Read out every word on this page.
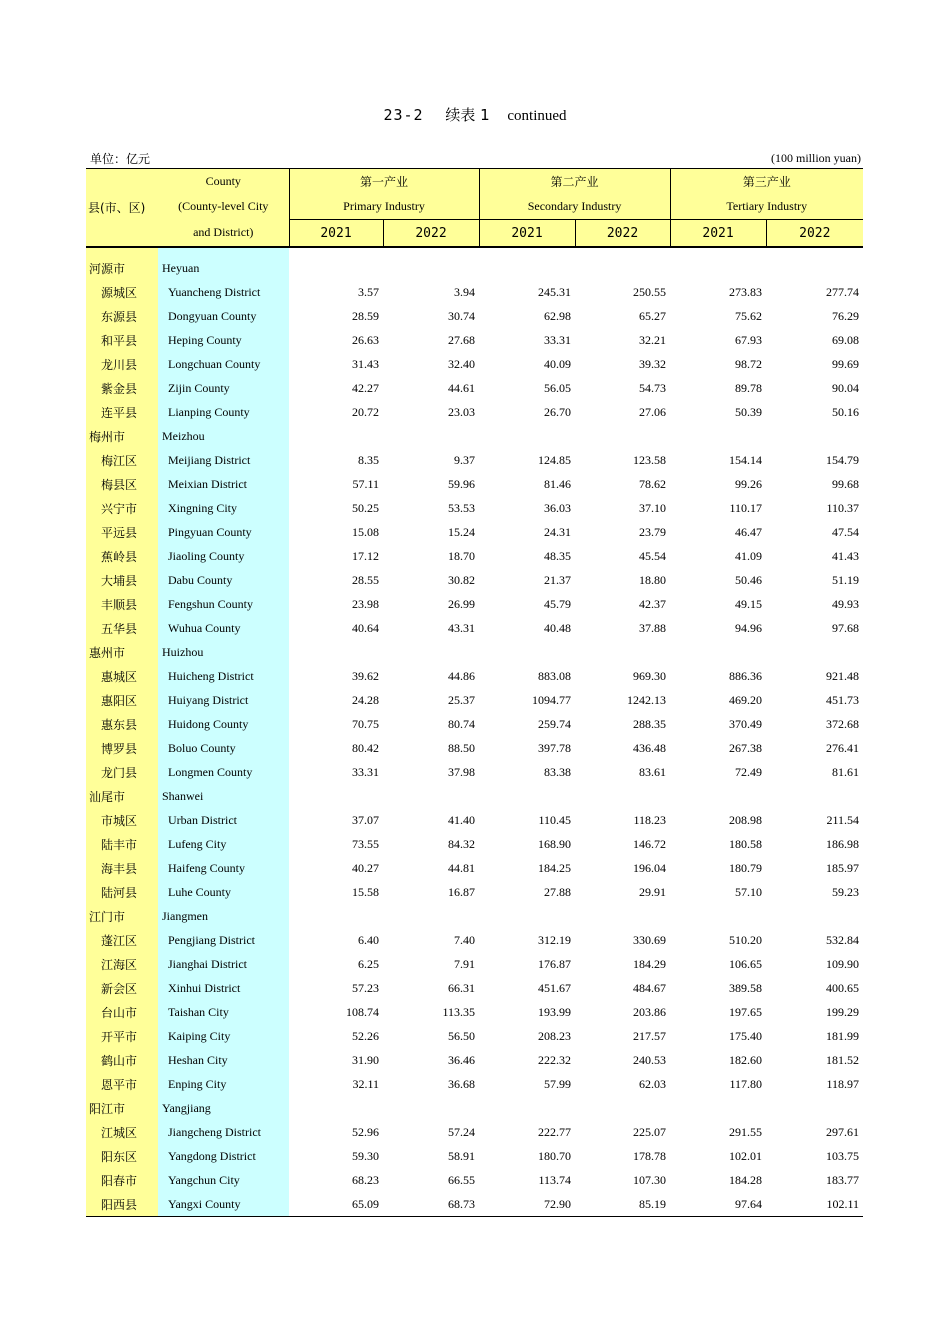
23-2 续表 1 continued
单位：亿元	(100 million yuan)
县(市、区)	County	第一产业		第二产业		第三产业	
	(County-level City	Primary Industry		Secondary Industry		Tertiary Industry	
	and District)	2021	2022	2021	2022	2021	2022

河源市	Heyuan						
源城区	Yuancheng District	3.57	3.94	245.31	250.55	273.83	277.74
东源县	Dongyuan County	28.59	30.74	62.98	65.27	75.62	76.29
和平县	Heping County	26.63	27.68	33.31	32.21	67.93	69.08
龙川县	Longchuan County	31.43	32.40	40.09	39.32	98.72	99.69
紫金县	Zijin County	42.27	44.61	56.05	54.73	89.78	90.04
连平县	Lianping County	20.72	23.03	26.70	27.06	50.39	50.16
梅州市	Meizhou						
梅江区	Meijiang District	8.35	9.37	124.85	123.58	154.14	154.79
梅县区	Meixian District	57.11	59.96	81.46	78.62	99.26	99.68
兴宁市	Xingning City	50.25	53.53	36.03	37.10	110.17	110.37
平远县	Pingyuan County	15.08	15.24	24.31	23.79	46.47	47.54
蕉岭县	Jiaoling County	17.12	18.70	48.35	45.54	41.09	41.43
大埔县	Dabu County	28.55	30.82	21.37	18.80	50.46	51.19
丰顺县	Fengshun County	23.98	26.99	45.79	42.37	49.15	49.93
五华县	Wuhua County	40.64	43.31	40.48	37.88	94.96	97.68
惠州市	Huizhou						
惠城区	Huicheng District	39.62	44.86	883.08	969.30	886.36	921.48
惠阳区	Huiyang District	24.28	25.37	1094.77	1242.13	469.20	451.73
惠东县	Huidong County	70.75	80.74	259.74	288.35	370.49	372.68
博罗县	Boluo County	80.42	88.50	397.78	436.48	267.38	276.41
龙门县	Longmen County	33.31	37.98	83.38	83.61	72.49	81.61
汕尾市	Shanwei						
市城区	Urban District	37.07	41.40	110.45	118.23	208.98	211.54
陆丰市	Lufeng City	73.55	84.32	168.90	146.72	180.58	186.98
海丰县	Haifeng County	40.27	44.81	184.25	196.04	180.79	185.97
陆河县	Luhe County	15.58	16.87	27.88	29.91	57.10	59.23
江门市	Jiangmen						
蓬江区	Pengjiang District	6.40	7.40	312.19	330.69	510.20	532.84
江海区	Jianghai District	6.25	7.91	176.87	184.29	106.65	109.90
新会区	Xinhui District	57.23	66.31	451.67	484.67	389.58	400.65
台山市	Taishan City	108.74	113.35	193.99	203.86	197.65	199.29
开平市	Kaiping City	52.26	56.50	208.23	217.57	175.40	181.99
鹤山市	Heshan City	31.90	36.46	222.32	240.53	182.60	181.52
恩平市	Enping City	32.11	36.68	57.99	62.03	117.80	118.97
阳江市	Yangjiang						
江城区	Jiangcheng District	52.96	57.24	222.77	225.07	291.55	297.61
阳东区	Yangdong District	59.30	58.91	180.70	178.78	102.01	103.75
阳春市	Yangchun City	68.23	66.55	113.74	107.30	184.28	183.77
阳西县	Yangxi County	65.09	68.73	72.90	85.19	97.64	102.11
